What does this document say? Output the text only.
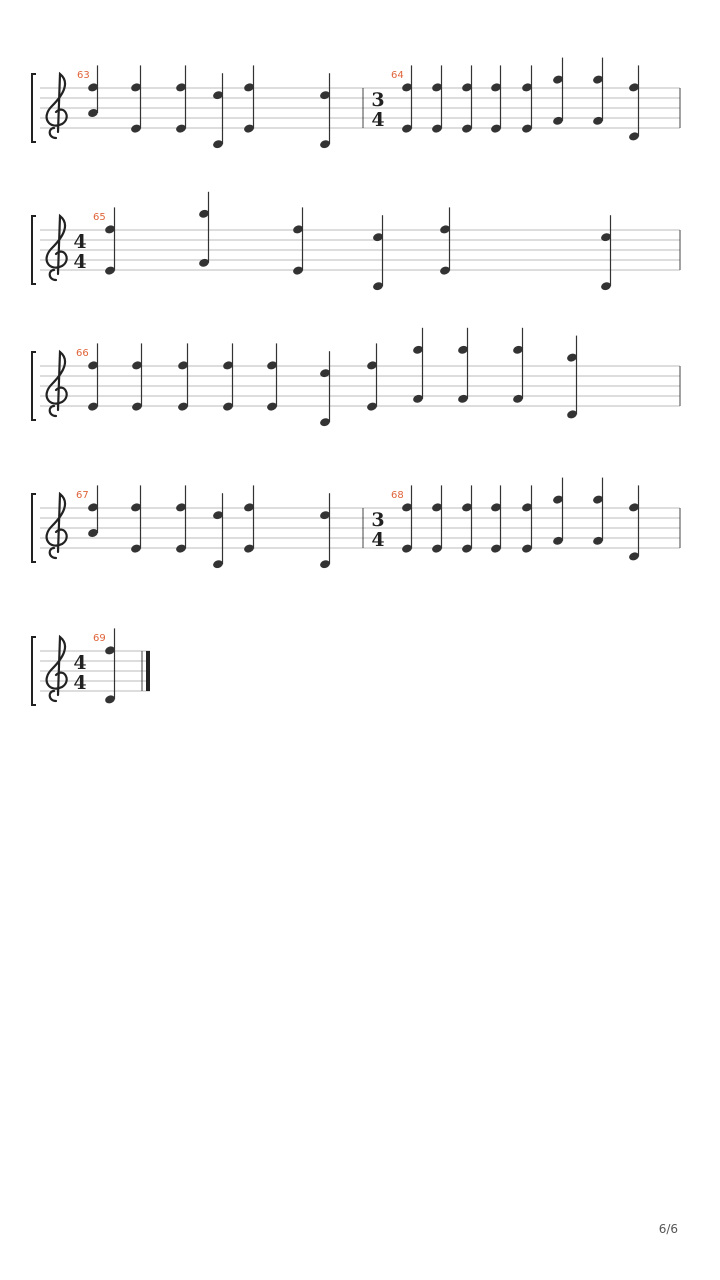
63	64
3
4
65
4
4
66
67	68
3
4
69
4
4
6/6
